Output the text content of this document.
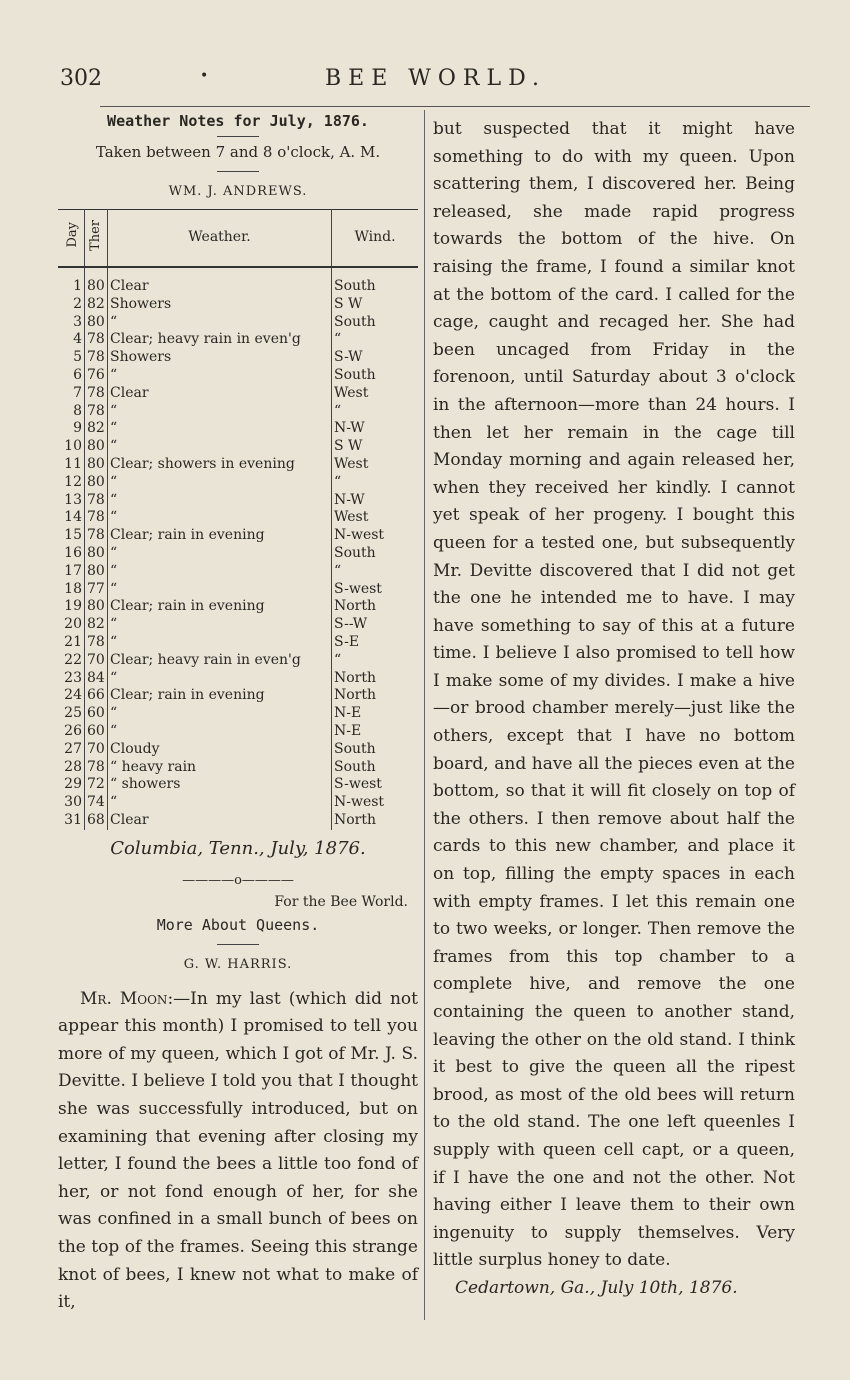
302	•	BEE WORLD.
Weather Notes for July, 1876.
Taken between 7 and 8 o'clock, A. M.
WM. J. ANDREWS.
Day	Ther	Weather.	Wind.

1	80	Clear	South
2	82	Showers	S W
3	80	“	South
4	78	Clear; heavy rain in even'g	“
5	78	Showers	S-W
6	76	“	South
7	78	Clear	West
8	78	“	“
9	82	“	N-W
10	80	“	S W
11	80	Clear; showers in evening	West
12	80	“	“
13	78	“	N-W
14	78	“	West
15	78	Clear; rain in evening	N-west
16	80	“	South
17	80	“	“
18	77	“	S-west
19	80	Clear; rain in evening	North
20	82	“	S--W
21	78	“	S-E
22	70	Clear; heavy rain in even'g	“
23	84	“	North
24	66	Clear; rain in evening	North
25	60	“	N-E
26	60	“	N-E
27	70	Cloudy	South
28	78	“ heavy rain	South
29	72	“ showers	S-west
30	74	“	N-west
31	68	Clear	North
Columbia, Tenn., July, 1876.
————o————
For the Bee World.
More About Queens.
G. W. HARRIS.

Mr. Moon:—In my last (which did not appear this month) I promised to tell you more of my queen, which I got of Mr. J. S. Devitte. I believe I told you that I thought she was successfully introduced, but on examining that evening after closing my letter, I found the bees a little too fond of her, or not fond enough of her, for she was confined in a small bunch of bees on the top of the frames. Seeing this strange knot of bees, I knew not what to make of it,

but suspected that it might have something to do with my queen. Upon scattering them, I discovered her. Being released, she made rapid progress towards the bottom of the hive. On raising the frame, I found a similar knot at the bottom of the card. I called for the cage, caught and recaged her. She had been uncaged from Friday in the forenoon, until Saturday about 3 o'clock in the afternoon—more than 24 hours. I then let her remain in the cage till Monday morning and again released her, when they received her kindly. I cannot yet speak of her progeny. I bought this queen for a tested one, but subsequently Mr. Devitte discovered that I did not get the one he intended me to have. I may have something to say of this at a future time. I believe I also promised to tell how I make some of my divides. I make a hive—or brood chamber merely—just like the others, except that I have no bottom board, and have all the pieces even at the bottom, so that it will fit closely on top of the others. I then remove about half the cards to this new chamber, and place it on top, filling the empty spaces in each with empty frames. I let this remain one to two weeks, or longer. Then remove the frames from this top chamber to a complete hive, and remove the one containing the queen to another stand, leaving the other on the old stand. I think it best to give the queen all the ripest brood, as most of the old bees will return to the old stand. The one left queenles I supply with queen cell capt, or a queen, if I have the one and not the other. Not having either I leave them to their own ingenuity to supply themselves. Very little surplus honey to date.

Cedartown, Ga., July 10th, 1876.
